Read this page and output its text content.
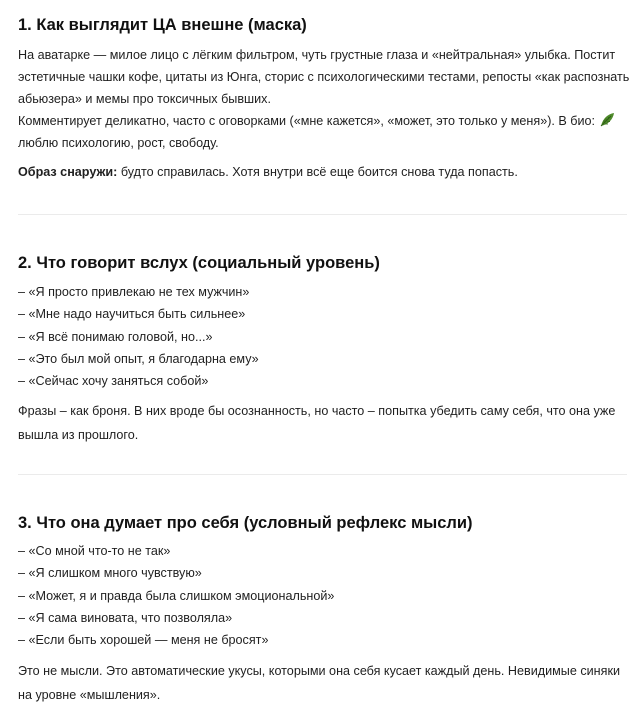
1. Как выглядит ЦА внешне (маска)

На аватарке — милое лицо с лёгким фильтром, чуть грустные глаза и «нейтральная» улыбка. Постит

эстетичные чашки кофе, цитаты из Юнга, сторис с психологическими тестами, репосты «как распознать

абьюзера» и мемы про токсичных бывших.

Комментирует деликатно, часто с оговорками («мне кажется», «может, это только у меня»). В био:

люблю психологию, рост, свободу.

Образ снаружи: будто справилась. Хотя внутри всё еще боится снова туда попасть.

2. Что говорит вслух (социальный уровень)

– «Я просто привлекаю не тех мужчин»

– «Мне надо научиться быть сильнее»

– «Я всё понимаю головой, но...»

– «Это был мой опыт, я благодарна ему»

– «Сейчас хочу заняться собой»

Фразы – как броня. В них вроде бы осознанность, но часто – попытка убедить саму себя, что она уже
вышла из прошлого.
3. Что она думает про себя (условный рефлекс мысли)

– «Со мной что-то не так»

– «Я слишком много чувствую»

– «Может, я и правда была слишком эмоциональной»

– «Я сама виновата, что позволяла»

– «Если быть хорошей — меня не бросят»

Это не мысли. Это автоматические укусы, которыми она себя кусает каждый день. Невидимые синяки
на уровне «мышления».
